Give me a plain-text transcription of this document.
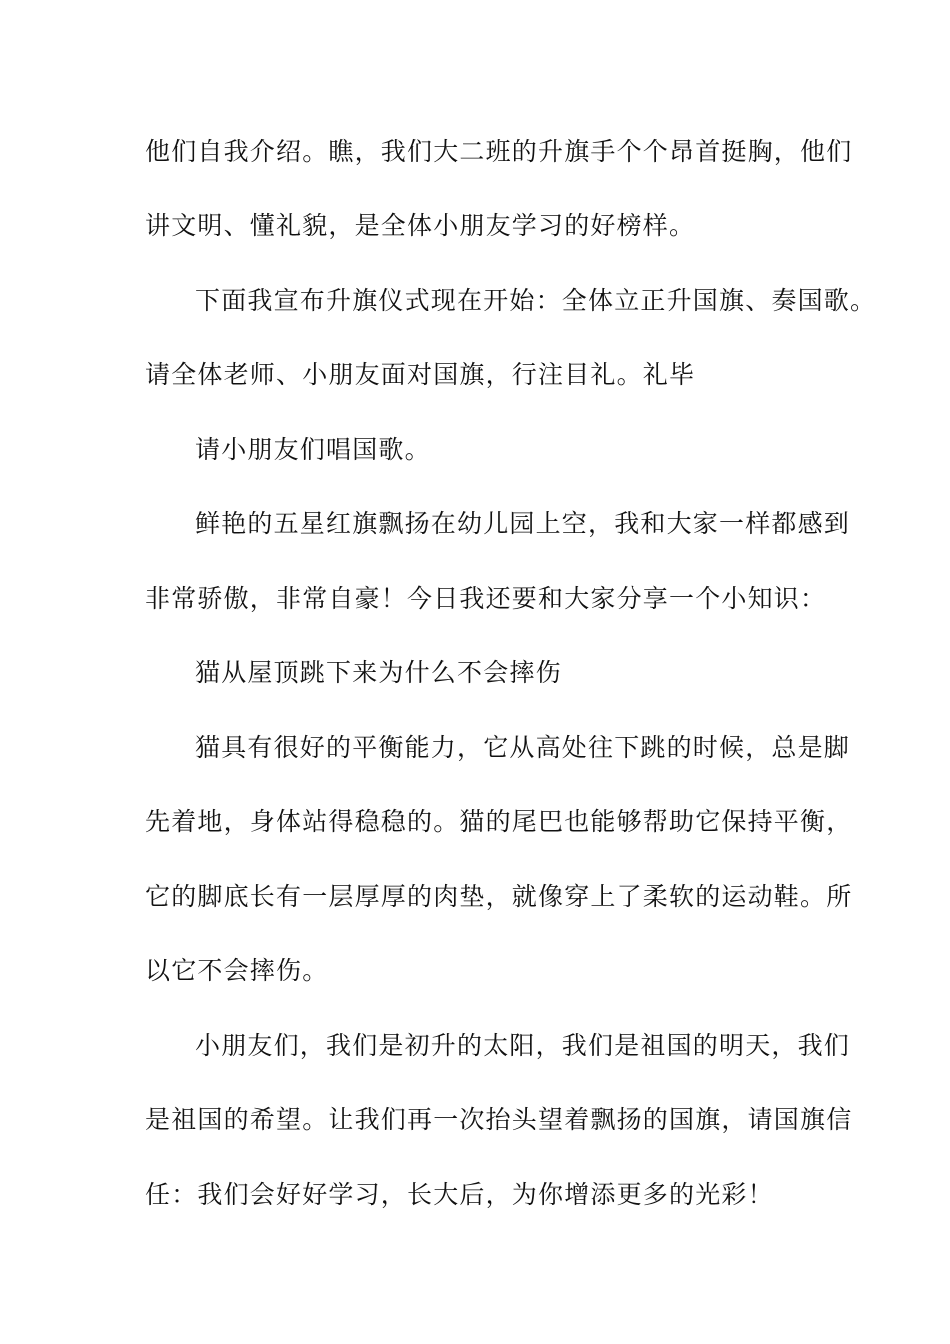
他们自我介绍。瞧，我们大二班的升旗手个个昂首挺胸，他们
讲文明、懂礼貌，是全体小朋友学习的好榜样。
下面我宣布升旗仪式现在开始：全体立正升国旗、奏国歌。
请全体老师、小朋友面对国旗，行注目礼。礼毕
请小朋友们唱国歌。
鲜艳的五星红旗飘扬在幼儿园上空，我和大家一样都感到
非常骄傲，非常自豪！今日我还要和大家分享一个小知识：
猫从屋顶跳下来为什么不会摔伤
猫具有很好的平衡能力，它从高处往下跳的时候，总是脚
先着地，身体站得稳稳的。猫的尾巴也能够帮助它保持平衡，
它的脚底长有一层厚厚的肉垫，就像穿上了柔软的运动鞋。所
以它不会摔伤。
小朋友们，我们是初升的太阳，我们是祖国的明天，我们
是祖国的希望。让我们再一次抬头望着飘扬的国旗，请国旗信
任：我们会好好学习，长大后，为你增添更多的光彩！
